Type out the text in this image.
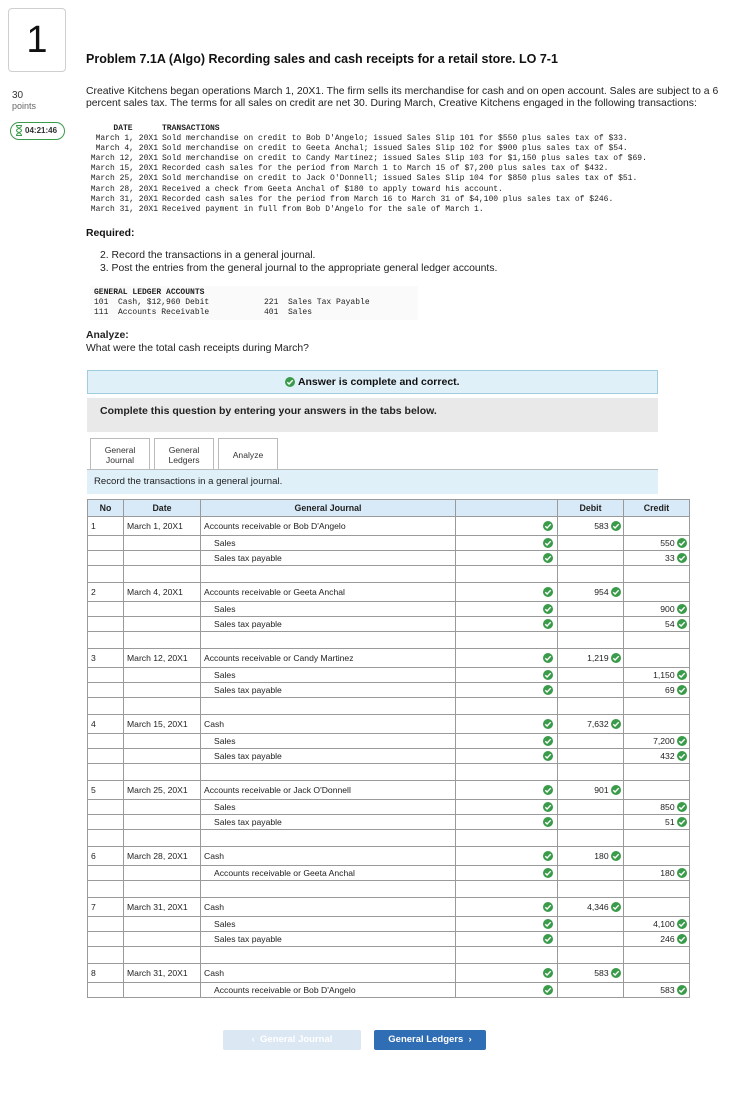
1
30
points
04:21:46
Problem 7.1A (Algo) Recording sales and cash receipts for a retail store. LO 7-1
Creative Kitchens began operations March 1, 20X1. The firm sells its merchandise for cash and on open account. Sales are subject to a 6 percent sales tax. The terms for all sales on credit are net 30. During March, Creative Kitchens engaged in the following transactions:
DATE	TRANSACTIONS
March 1, 20X1	Sold merchandise on credit to Bob D'Angelo; issued Sales Slip 101 for $550 plus sales tax of $33.
March 4, 20X1	Sold merchandise on credit to Geeta Anchal; issued Sales Slip 102 for $900 plus sales tax of $54.
March 12, 20X1	Sold merchandise on credit to Candy Martinez; issued Sales Slip 103 for $1,150 plus sales tax of $69.
March 15, 20X1	Recorded cash sales for the period from March 1 to March 15 of $7,200 plus sales tax of $432.
March 25, 20X1	Sold merchandise on credit to Jack O'Donnell; issued Sales Slip 104 for $850 plus sales tax of $51.
March 28, 20X1	Received a check from Geeta Anchal of $180 to apply toward his account.
March 31, 20X1	Recorded cash sales for the period from March 16 to March 31 of $4,100 plus sales tax of $246.
March 31, 20X1	Received payment in full from Bob D'Angelo for the sale of March 1.
Required:
2. Record the transactions in a general journal.
3. Post the entries from the general journal to the appropriate general ledger accounts.
GENERAL LEDGER ACCOUNTS
101  Cash, $12,960 Debit	221  Sales Tax Payable
111  Accounts Receivable	401  Sales
Analyze:
What were the total cash receipts during March?
Answer is complete and correct.
Complete this question by entering your answers in the tabs below.
General
Journal
General
Ledgers	Analyze
Record the transactions in a general journal.
No	Date	General Journal		Debit	Credit
1	March 1, 20X1	Accounts receivable or Bob D'Angelo		583

		Sales			550

		Sales tax payable			33

2	March 4, 20X1	Accounts receivable or Geeta Anchal		954

		Sales			900

		Sales tax payable			54

3	March 12, 20X1	Accounts receivable or Candy Martinez		1,219

		Sales			1,150

		Sales tax payable			69

4	March 15, 20X1	Cash		7,632

		Sales			7,200

		Sales tax payable			432

5	March 25, 20X1	Accounts receivable or Jack O'Donnell		901

		Sales			850

		Sales tax payable			51

6	March 28, 20X1	Cash		180

		Accounts receivable or Geeta Anchal			180

7	March 31, 20X1	Cash		4,346

		Sales			4,100

		Sales tax payable			246

8	March 31, 20X1	Cash		583

		Accounts receivable or Bob D'Angelo			583
‹  General Journal	General Ledgers  ›
